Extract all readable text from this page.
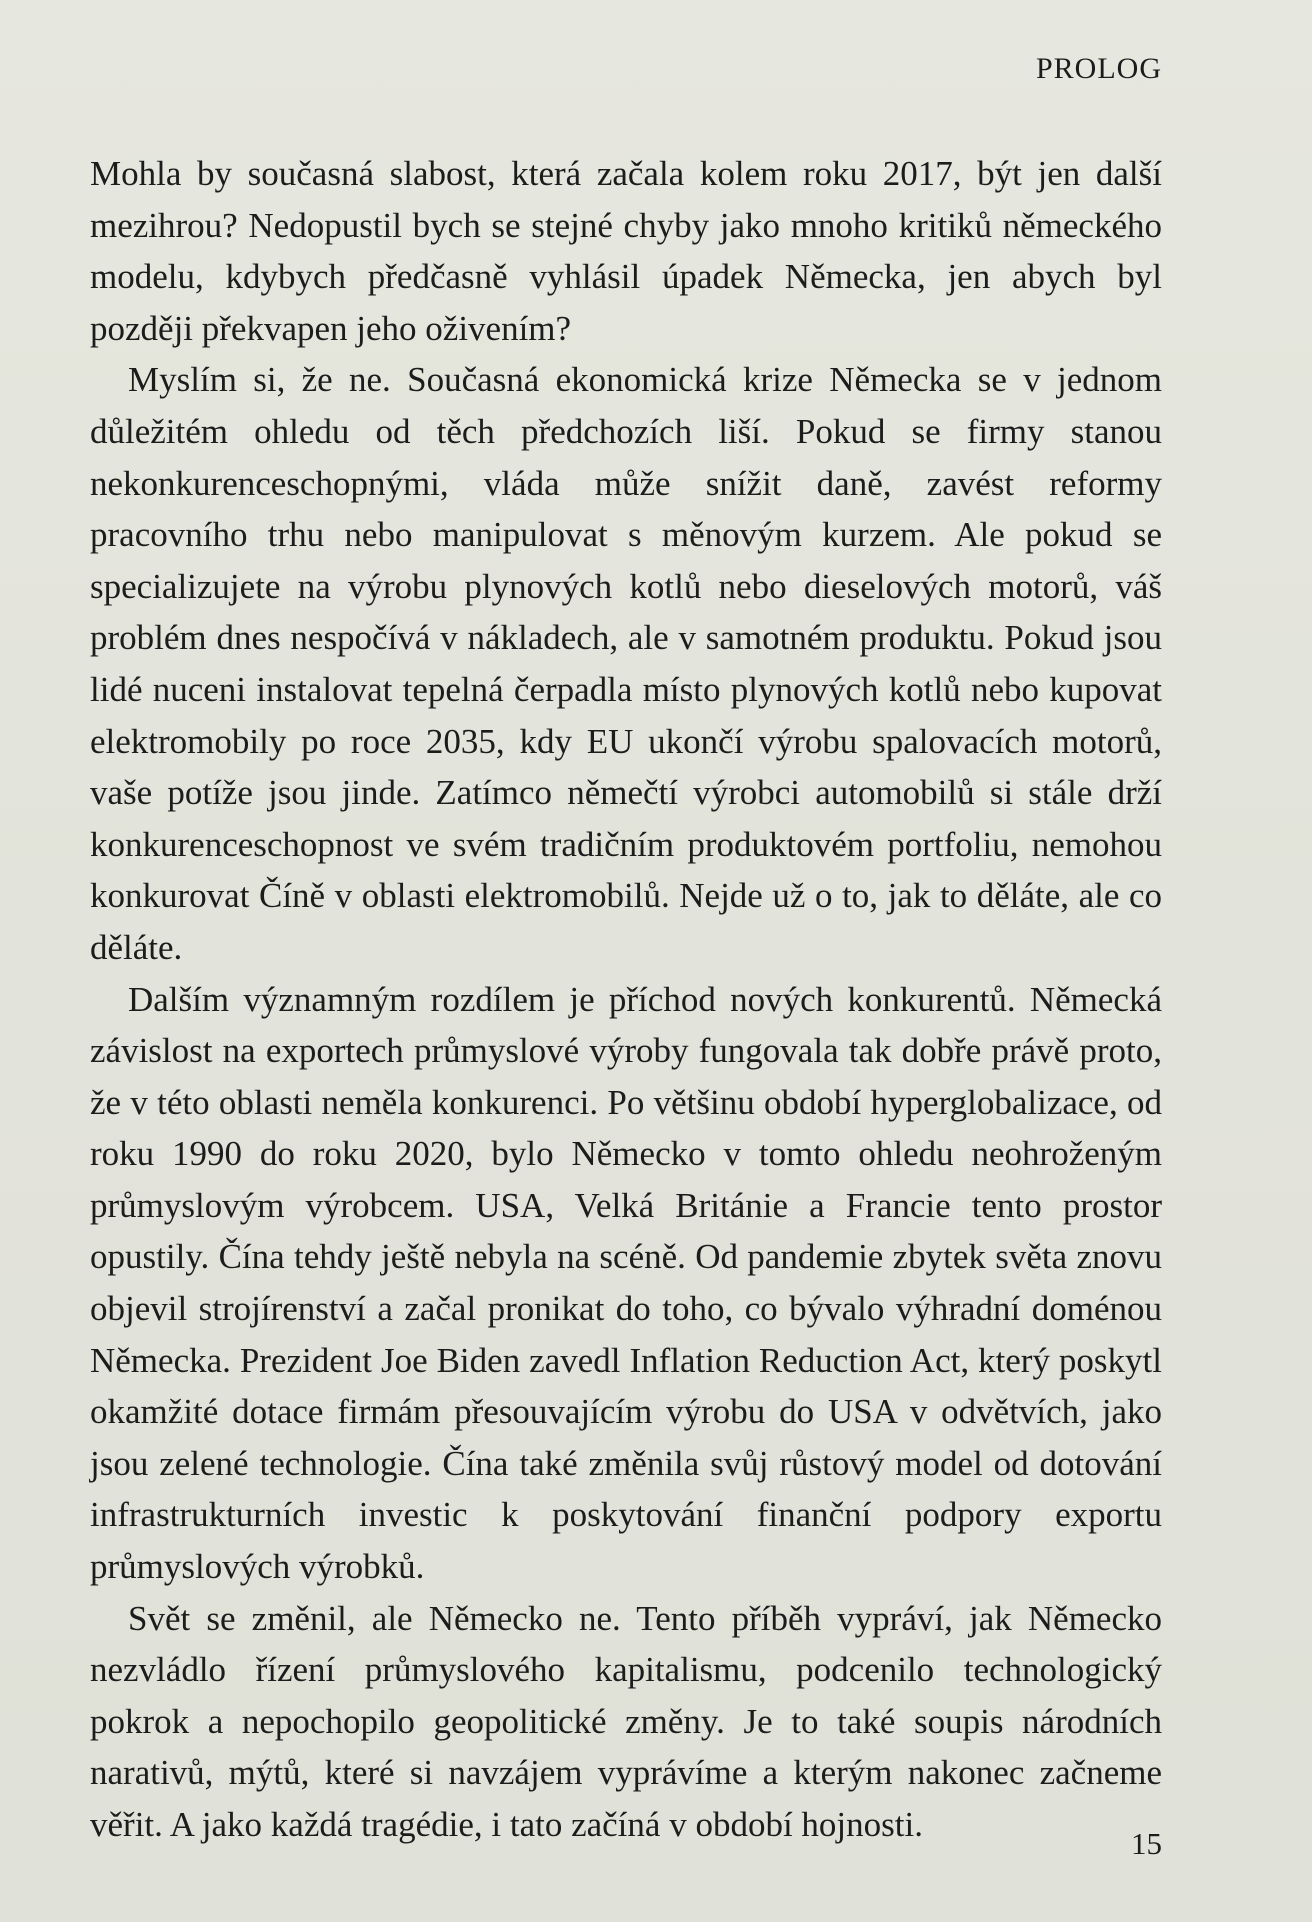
PROLOG

Mohla by současná slabost, která začala kolem roku 2017, být jen další mezihrou? Nedopustil bych se stejné chyby jako mnoho kritiků německého modelu, kdybych předčasně vyhlásil úpadek Německa, jen abych byl později překvapen jeho oživením?

Myslím si, že ne. Současná ekonomická krize Německa se v jednom důležitém ohledu od těch předchozích liší. Pokud se firmy stanou nekonkurenceschopnými, vláda může snížit daně, zavést reformy pracovního trhu nebo manipulovat s měnovým kurzem. Ale pokud se specializujete na výrobu plynových kotlů nebo dieselových motorů, váš problém dnes nespočívá v nákladech, ale v samotném produktu. Pokud jsou lidé nuceni instalovat tepelná čerpadla místo plynových kotlů nebo kupovat elektromobily po roce 2035, kdy EU ukončí výrobu spalovacích motorů, vaše potíže jsou jinde. Zatímco němečtí výrobci automobilů si stále drží konkurenceschopnost ve svém tradičním produktovém portfoliu, nemohou konkurovat Číně v oblasti elektromobilů. Nejde už o to, jak to děláte, ale co děláte.

Dalším významným rozdílem je příchod nových konkurentů. Německá závislost na exportech průmyslové výroby fungovala tak dobře právě proto, že v této oblasti neměla konkurenci. Po většinu období hyperglobalizace, od roku 1990 do roku 2020, bylo Německo v tomto ohledu neohroženým průmyslovým výrobcem. USA, Velká Británie a Francie tento prostor opustily. Čína tehdy ještě nebyla na scéně. Od pandemie zbytek světa znovu objevil strojírenství a začal pronikat do toho, co bývalo výhradní doménou Německa. Prezident Joe Biden zavedl Inflation Reduction Act, který poskytl okamžité dotace firmám přesouvajícím výrobu do USA v odvětvích, jako jsou zelené technologie. Čína také změnila svůj růstový model od dotování infrastrukturních investic k poskytování finanční podpory exportu průmyslových výrobků.

Svět se změnil, ale Německo ne. Tento příběh vypráví, jak Německo nezvládlo řízení průmyslového kapitalismu, podcenilo technologický pokrok a nepochopilo geopolitické změny. Je to také soupis národních narativů, mýtů, které si navzájem vyprávíme a kterým nakonec začneme věřit. A jako každá tragédie, i tato začíná v období hojnosti.	15
